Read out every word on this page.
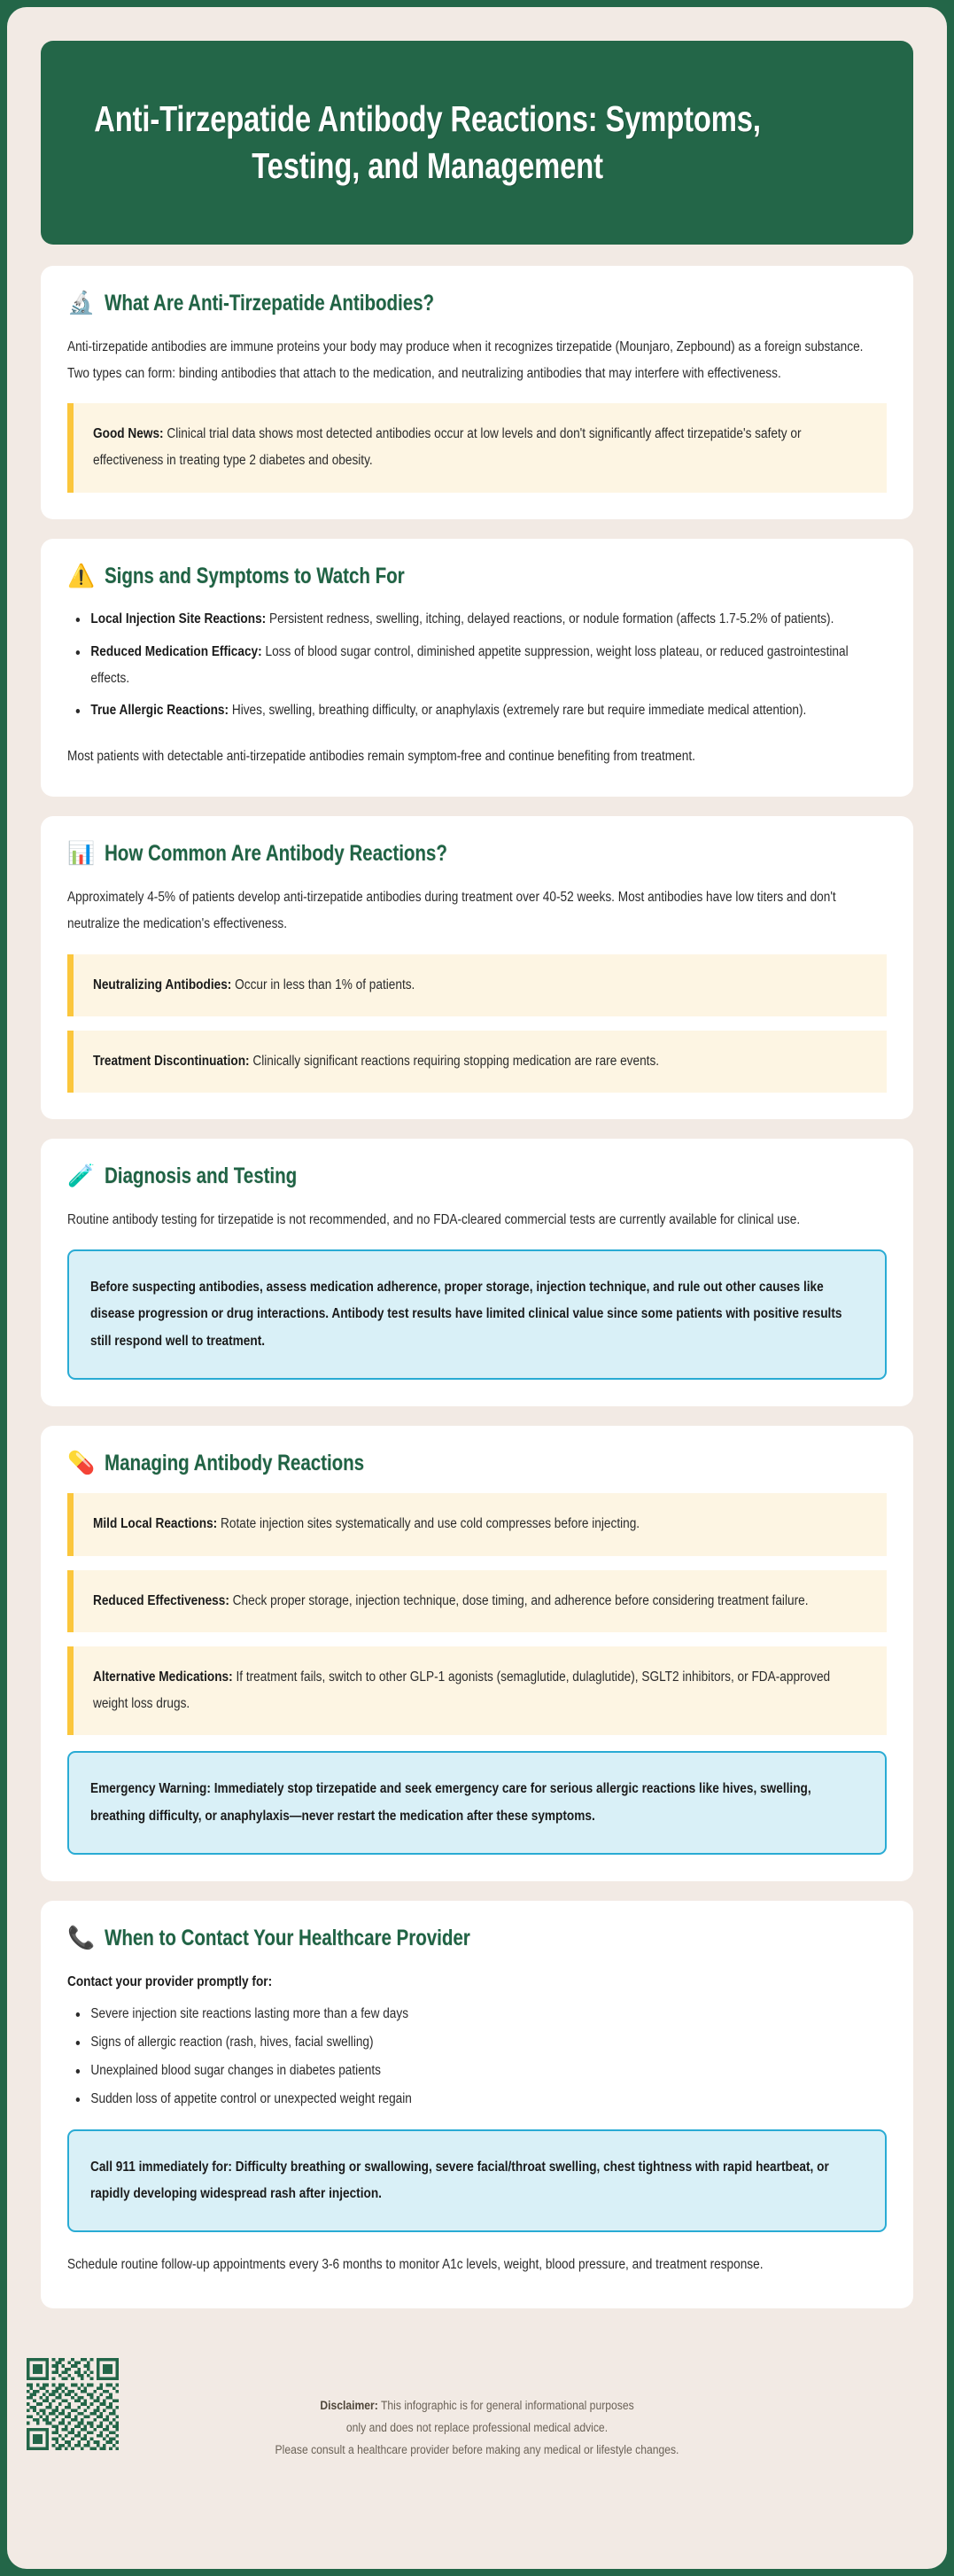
Anti-Tirzepatide Antibody Reactions: Symptoms, Testing, and Management
🔬 What Are Anti-Tirzepatide Antibodies?
Anti-tirzepatide antibodies are immune proteins your body may produce when it recognizes tirzepatide (Mounjaro, Zepbound) as a foreign substance. Two types can form: binding antibodies that attach to the medication, and neutralizing antibodies that may interfere with effectiveness.
Good News: Clinical trial data shows most detected antibodies occur at low levels and don't significantly affect tirzepatide's safety or effectiveness in treating type 2 diabetes and obesity.
⚠️ Signs and Symptoms to Watch For
Local Injection Site Reactions: Persistent redness, swelling, itching, delayed reactions, or nodule formation (affects 1.7-5.2% of patients).
Reduced Medication Efficacy: Loss of blood sugar control, diminished appetite suppression, weight loss plateau, or reduced gastrointestinal effects.
True Allergic Reactions: Hives, swelling, breathing difficulty, or anaphylaxis (extremely rare but require immediate medical attention).
Most patients with detectable anti-tirzepatide antibodies remain symptom-free and continue benefiting from treatment.
📊 How Common Are Antibody Reactions?
Approximately 4-5% of patients develop anti-tirzepatide antibodies during treatment over 40-52 weeks. Most antibodies have low titers and don't neutralize the medication's effectiveness.
Neutralizing Antibodies: Occur in less than 1% of patients.
Treatment Discontinuation: Clinically significant reactions requiring stopping medication are rare events.
🧪 Diagnosis and Testing
Routine antibody testing for tirzepatide is not recommended, and no FDA-cleared commercial tests are currently available for clinical use.
Before suspecting antibodies, assess medication adherence, proper storage, injection technique, and rule out other causes like disease progression or drug interactions. Antibody test results have limited clinical value since some patients with positive results still respond well to treatment.
💊 Managing Antibody Reactions
Mild Local Reactions: Rotate injection sites systematically and use cold compresses before injecting.
Reduced Effectiveness: Check proper storage, injection technique, dose timing, and adherence before considering treatment failure.
Alternative Medications: If treatment fails, switch to other GLP-1 agonists (semaglutide, dulaglutide), SGLT2 inhibitors, or FDA-approved weight loss drugs.
Emergency Warning: Immediately stop tirzepatide and seek emergency care for serious allergic reactions like hives, swelling, breathing difficulty, or anaphylaxis—never restart the medication after these symptoms.
📞 When to Contact Your Healthcare Provider
Contact your provider promptly for:
Severe injection site reactions lasting more than a few days
Signs of allergic reaction (rash, hives, facial swelling)
Unexplained blood sugar changes in diabetes patients
Sudden loss of appetite control or unexpected weight regain
Call 911 immediately for: Difficulty breathing or swallowing, severe facial/throat swelling, chest tightness with rapid heartbeat, or rapidly developing widespread rash after injection.
Schedule routine follow-up appointments every 3-6 months to monitor A1c levels, weight, blood pressure, and treatment response.
Disclaimer: This infographic is for general informational purposes
only and does not replace professional medical advice.
Please consult a healthcare provider before making any medical or lifestyle changes.
